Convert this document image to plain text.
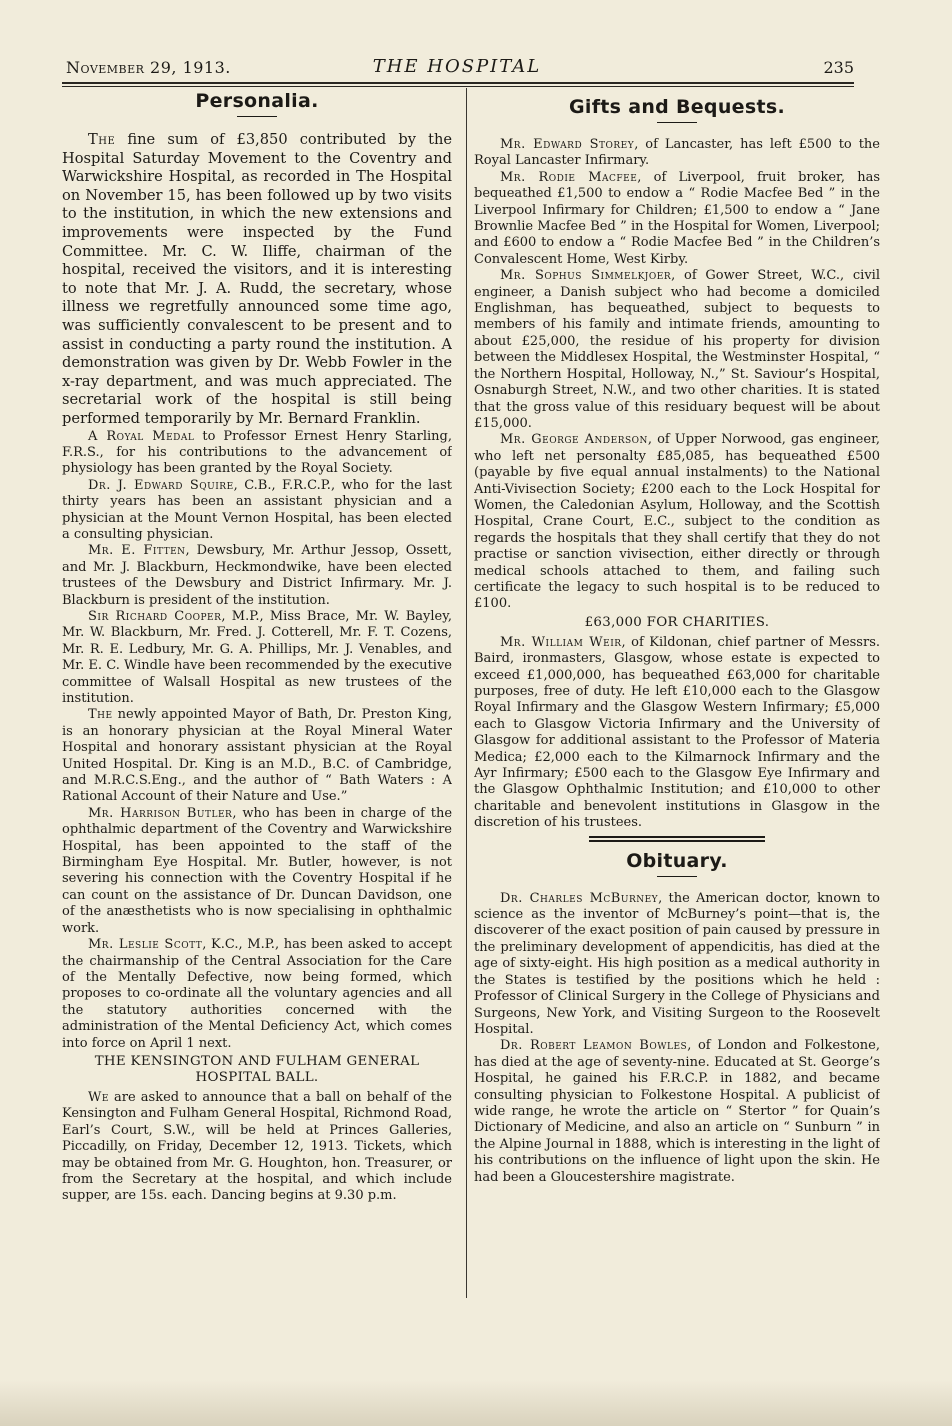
November 29, 1913.	THE HOSPITAL	235
Personalia.

The fine sum of £3,850 contributed by the Hospital Saturday Movement to the Coventry and Warwickshire Hospital, as recorded in The Hospital on November 15, has been followed up by two visits to the institution, in which the new extensions and improvements were inspected by the Fund Committee. Mr. C. W. Iliffe, chairman of the hospital, received the visitors, and it is interesting to note that Mr. J. A. Rudd, the secretary, whose illness we regretfully announced some time ago, was sufficiently convalescent to be present and to assist in conducting a party round the institution. A demonstration was given by Dr. Webb Fowler in the x-ray department, and was much appreciated. The secretarial work of the hospital is still being performed temporarily by Mr. Bernard Franklin.

A Royal Medal to Professor Ernest Henry Starling, F.R.S., for his contributions to the advancement of physiology has been granted by the Royal Society.

Dr. J. Edward Squire, C.B., F.R.C.P., who for the last thirty years has been an assistant physician and a physician at the Mount Vernon Hospital, has been elected a consulting physician.

Mr. E. Fitten, Dewsbury, Mr. Arthur Jessop, Ossett, and Mr. J. Blackburn, Heckmondwike, have been elected trustees of the Dewsbury and District Infirmary. Mr. J. Blackburn is president of the institution.

Sir Richard Cooper, M.P., Miss Brace, Mr. W. Bayley, Mr. W. Blackburn, Mr. Fred. J. Cotterell, Mr. F. T. Cozens, Mr. R. E. Ledbury, Mr. G. A. Phillips, Mr. J. Venables, and Mr. E. C. Windle have been recommended by the executive committee of Walsall Hospital as new trustees of the institution.

The newly appointed Mayor of Bath, Dr. Preston King, is an honorary physician at the Royal Mineral Water Hospital and honorary assistant physician at the Royal United Hospital. Dr. King is an M.D., B.C. of Cambridge, and M.R.C.S.Eng., and the author of “ Bath Waters : A Rational Account of their Nature and Use.”

Mr. Harrison Butler, who has been in charge of the ophthalmic department of the Coventry and Warwickshire Hospital, has been appointed to the staff of the Birmingham Eye Hospital. Mr. Butler, however, is not severing his connection with the Coventry Hospital if he can count on the assistance of Dr. Duncan Davidson, one of the anæsthetists who is now specialising in ophthalmic work.

Mr. Leslie Scott, K.C., M.P., has been asked to accept the chairmanship of the Central Association for the Care of the Mentally Defective, now being formed, which proposes to co-ordinate all the voluntary agencies and all the statutory authorities concerned with the administration of the Mental Deficiency Act, which comes into force on April 1 next.

THE KENSINGTON AND FULHAM GENERAL HOSPITAL BALL.

We are asked to announce that a ball on behalf of the Kensington and Fulham General Hospital, Richmond Road, Earl’s Court, S.W., will be held at Princes Galleries, Piccadilly, on Friday, December 12, 1913. Tickets, which may be obtained from Mr. G. Houghton, hon. Treasurer, or from the Secretary at the hospital, and which include supper, are 15s. each. Dancing begins at 9.30 p.m.

Gifts and Bequests.

Mr. Edward Storey, of Lancaster, has left £500 to the Royal Lancaster Infirmary.

Mr. Rodie Macfee, of Liverpool, fruit broker, has bequeathed £1,500 to endow a “ Rodie Macfee Bed ” in the Liverpool Infirmary for Children; £1,500 to endow a “ Jane Brownlie Macfee Bed ” in the Hospital for Women, Liverpool; and £600 to endow a “ Rodie Macfee Bed ” in the Children’s Convalescent Home, West Kirby.

Mr. Sophus Simmelkjoer, of Gower Street, W.C., civil engineer, a Danish subject who had become a domiciled Englishman, has bequeathed, subject to bequests to members of his family and intimate friends, amounting to about £25,000, the residue of his property for division between the Middlesex Hospital, the Westminster Hospital, “ the Northern Hospital, Holloway, N.,” St. Saviour’s Hospital, Osnaburgh Street, N.W., and two other charities. It is stated that the gross value of this residuary bequest will be about £15,000.

Mr. George Anderson, of Upper Norwood, gas engineer, who left net personalty £85,085, has bequeathed £500 (payable by five equal annual instalments) to the National Anti-Vivisection Society; £200 each to the Lock Hospital for Women, the Caledonian Asylum, Holloway, and the Scottish Hospital, Crane Court, E.C., subject to the condition as regards the hospitals that they shall certify that they do not practise or sanction vivisection, either directly or through medical schools attached to them, and failing such certificate the legacy to such hospital is to be reduced to £100.

£63,000 FOR CHARITIES.

Mr. William Weir, of Kildonan, chief partner of Messrs. Baird, ironmasters, Glasgow, whose estate is expected to exceed £1,000,000, has bequeathed £63,000 for charitable purposes, free of duty. He left £10,000 each to the Glasgow Royal Infirmary and the Glasgow Western Infirmary; £5,000 each to Glasgow Victoria Infirmary and the University of Glasgow for additional assistant to the Professor of Materia Medica; £2,000 each to the Kilmarnock Infirmary and the Ayr Infirmary; £500 each to the Glasgow Eye Infirmary and the Glasgow Ophthalmic Institution; and £10,000 to other charitable and benevolent institutions in Glasgow in the discretion of his trustees.

Obituary.

Dr. Charles McBurney, the American doctor, known to science as the inventor of McBurney’s point—that is, the discoverer of the exact position of pain caused by pressure in the preliminary development of appendicitis, has died at the age of sixty-eight. His high position as a medical authority in the States is testified by the positions which he held : Professor of Clinical Surgery in the College of Physicians and Surgeons, New York, and Visiting Surgeon to the Roosevelt Hospital.

Dr. Robert Leamon Bowles, of London and Folkestone, has died at the age of seventy-nine. Educated at St. George’s Hospital, he gained his F.R.C.P. in 1882, and became consulting physician to Folkestone Hospital. A publicist of wide range, he wrote the article on “ Stertor ” for Quain’s Dictionary of Medicine, and also an article on “ Sunburn ” in the Alpine Journal in 1888, which is interesting in the light of his contributions on the influence of light upon the skin. He had been a Gloucestershire magistrate.
